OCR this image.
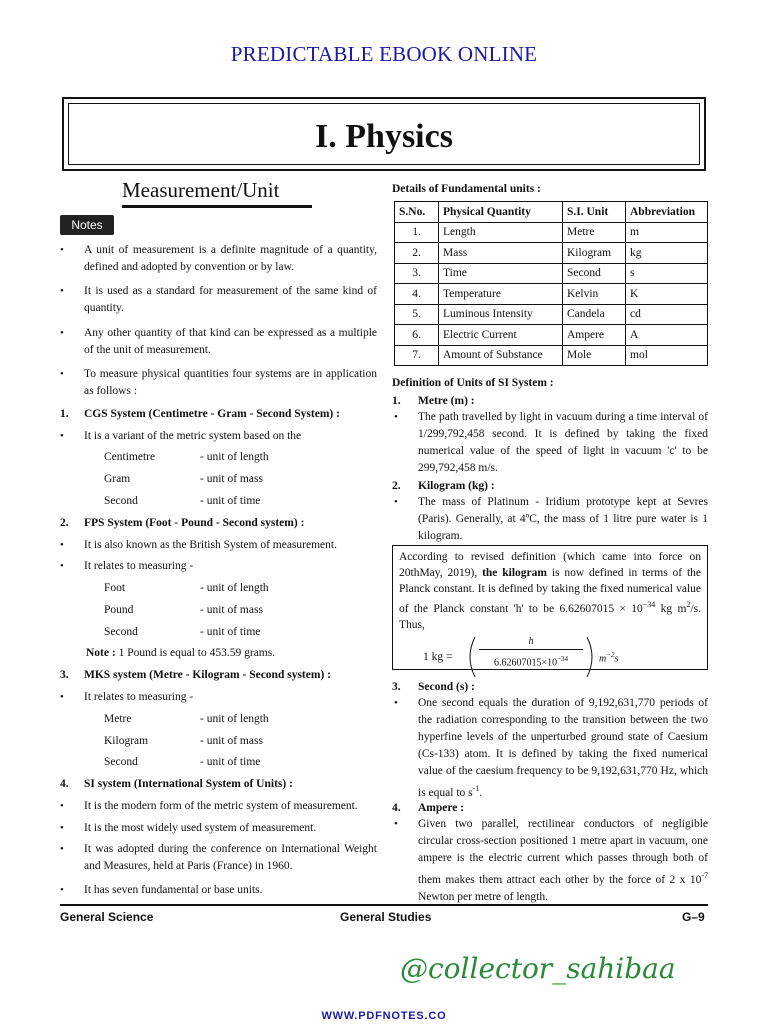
PREDICTABLE EBOOK ONLINE
I. Physics
Measurement/Unit
Notes
• A unit of measurement is a definite magnitude of a quantity, defined and adopted by convention or by law.
• It is used as a standard for measurement of the same kind of quantity.
• Any other quantity of that kind can be expressed as a multiple of the unit of measurement.
• To measure physical quantities four systems are in application as follows :
1. CGS System (Centimetre - Gram - Second System) :
• It is a variant of the metric system based on the
Centimetre	- unit of length
Gram	- unit of mass
Second	- unit of time
2. FPS System (Foot - Pound - Second system) :
• It is also known as the British System of measurement.
• It relates to measuring -
Foot	- unit of length
Pound	- unit of mass
Second	- unit of time
Note : 1 Pound is equal to 453.59 grams.
3. MKS system (Metre - Kilogram - Second system) :
• It relates to measuring -
Metre	- unit of length
Kilogram	- unit of mass
Second	- unit of time
4. SI system (International System of Units) :
• It is the modern form of the metric system of measurement.
• It is the most widely used system of measurement.
• It was adopted during the conference on International Weight and Measures, held at Paris (France) in 1960.
• It has seven fundamental or base units.
Details of Fundamental units :
S.No.	Physical Quantity	S.I. Unit	Abbreviation
1.	Length	Metre	m
2.	Mass	Kilogram	kg
3.	Time	Second	s
4.	Temperature	Kelvin	K
5.	Luminous Intensity	Candela	cd
6.	Electric Current	Ampere	A
7.	Amount of Substance	Mole	mol
Definition of Units of SI System :
1. Metre (m) :
• The path travelled by light in vacuum during a time interval of 1/299,792,458 second. It is defined by taking the fixed numerical value of the speed of light in vacuum 'c' to be 299,792,458 m/s.
2. Kilogram (kg) :
• The mass of Platinum - Iridium prototype kept at Sevres (Paris). Generally, at 4ºC, the mass of 1 litre pure water is 1 kilogram.
According to revised definition (which came into force on 20thMay, 2019), the kilogram is now defined in terms of the Planck constant. It is defined by taking the fixed numerical value of the Planck constant 'h' to be $6.62607015 \times 10^{-34}$ kg $m^2/s$. Thus,
1 kg =	$\frac{h}{6.62607015\times 10^{-34}} m^{-2}s$
3. Second (s) :
• One second equals the duration of 9,192,631,770 periods of the radiation corresponding to the transition between the two hyperfine levels of the unperturbed ground state of Caesium (Cs-133) atom. It is defined by taking the fixed numerical value of the caesium frequency to be 9,192,631,770 Hz, which is equal to $s^{-1}$.
4. Ampere :
• Given two parallel, rectilinear conductors of negligible circular cross-section positioned 1 metre apart in vacuum, one ampere is the electric current which passes through both of them makes them attract each other by the force of 2 x $10^{-7}$ Newton per metre of length.
General Science	General Studies	G–9
@collector_sahibaa
WWW.PDFNOTES.CO
